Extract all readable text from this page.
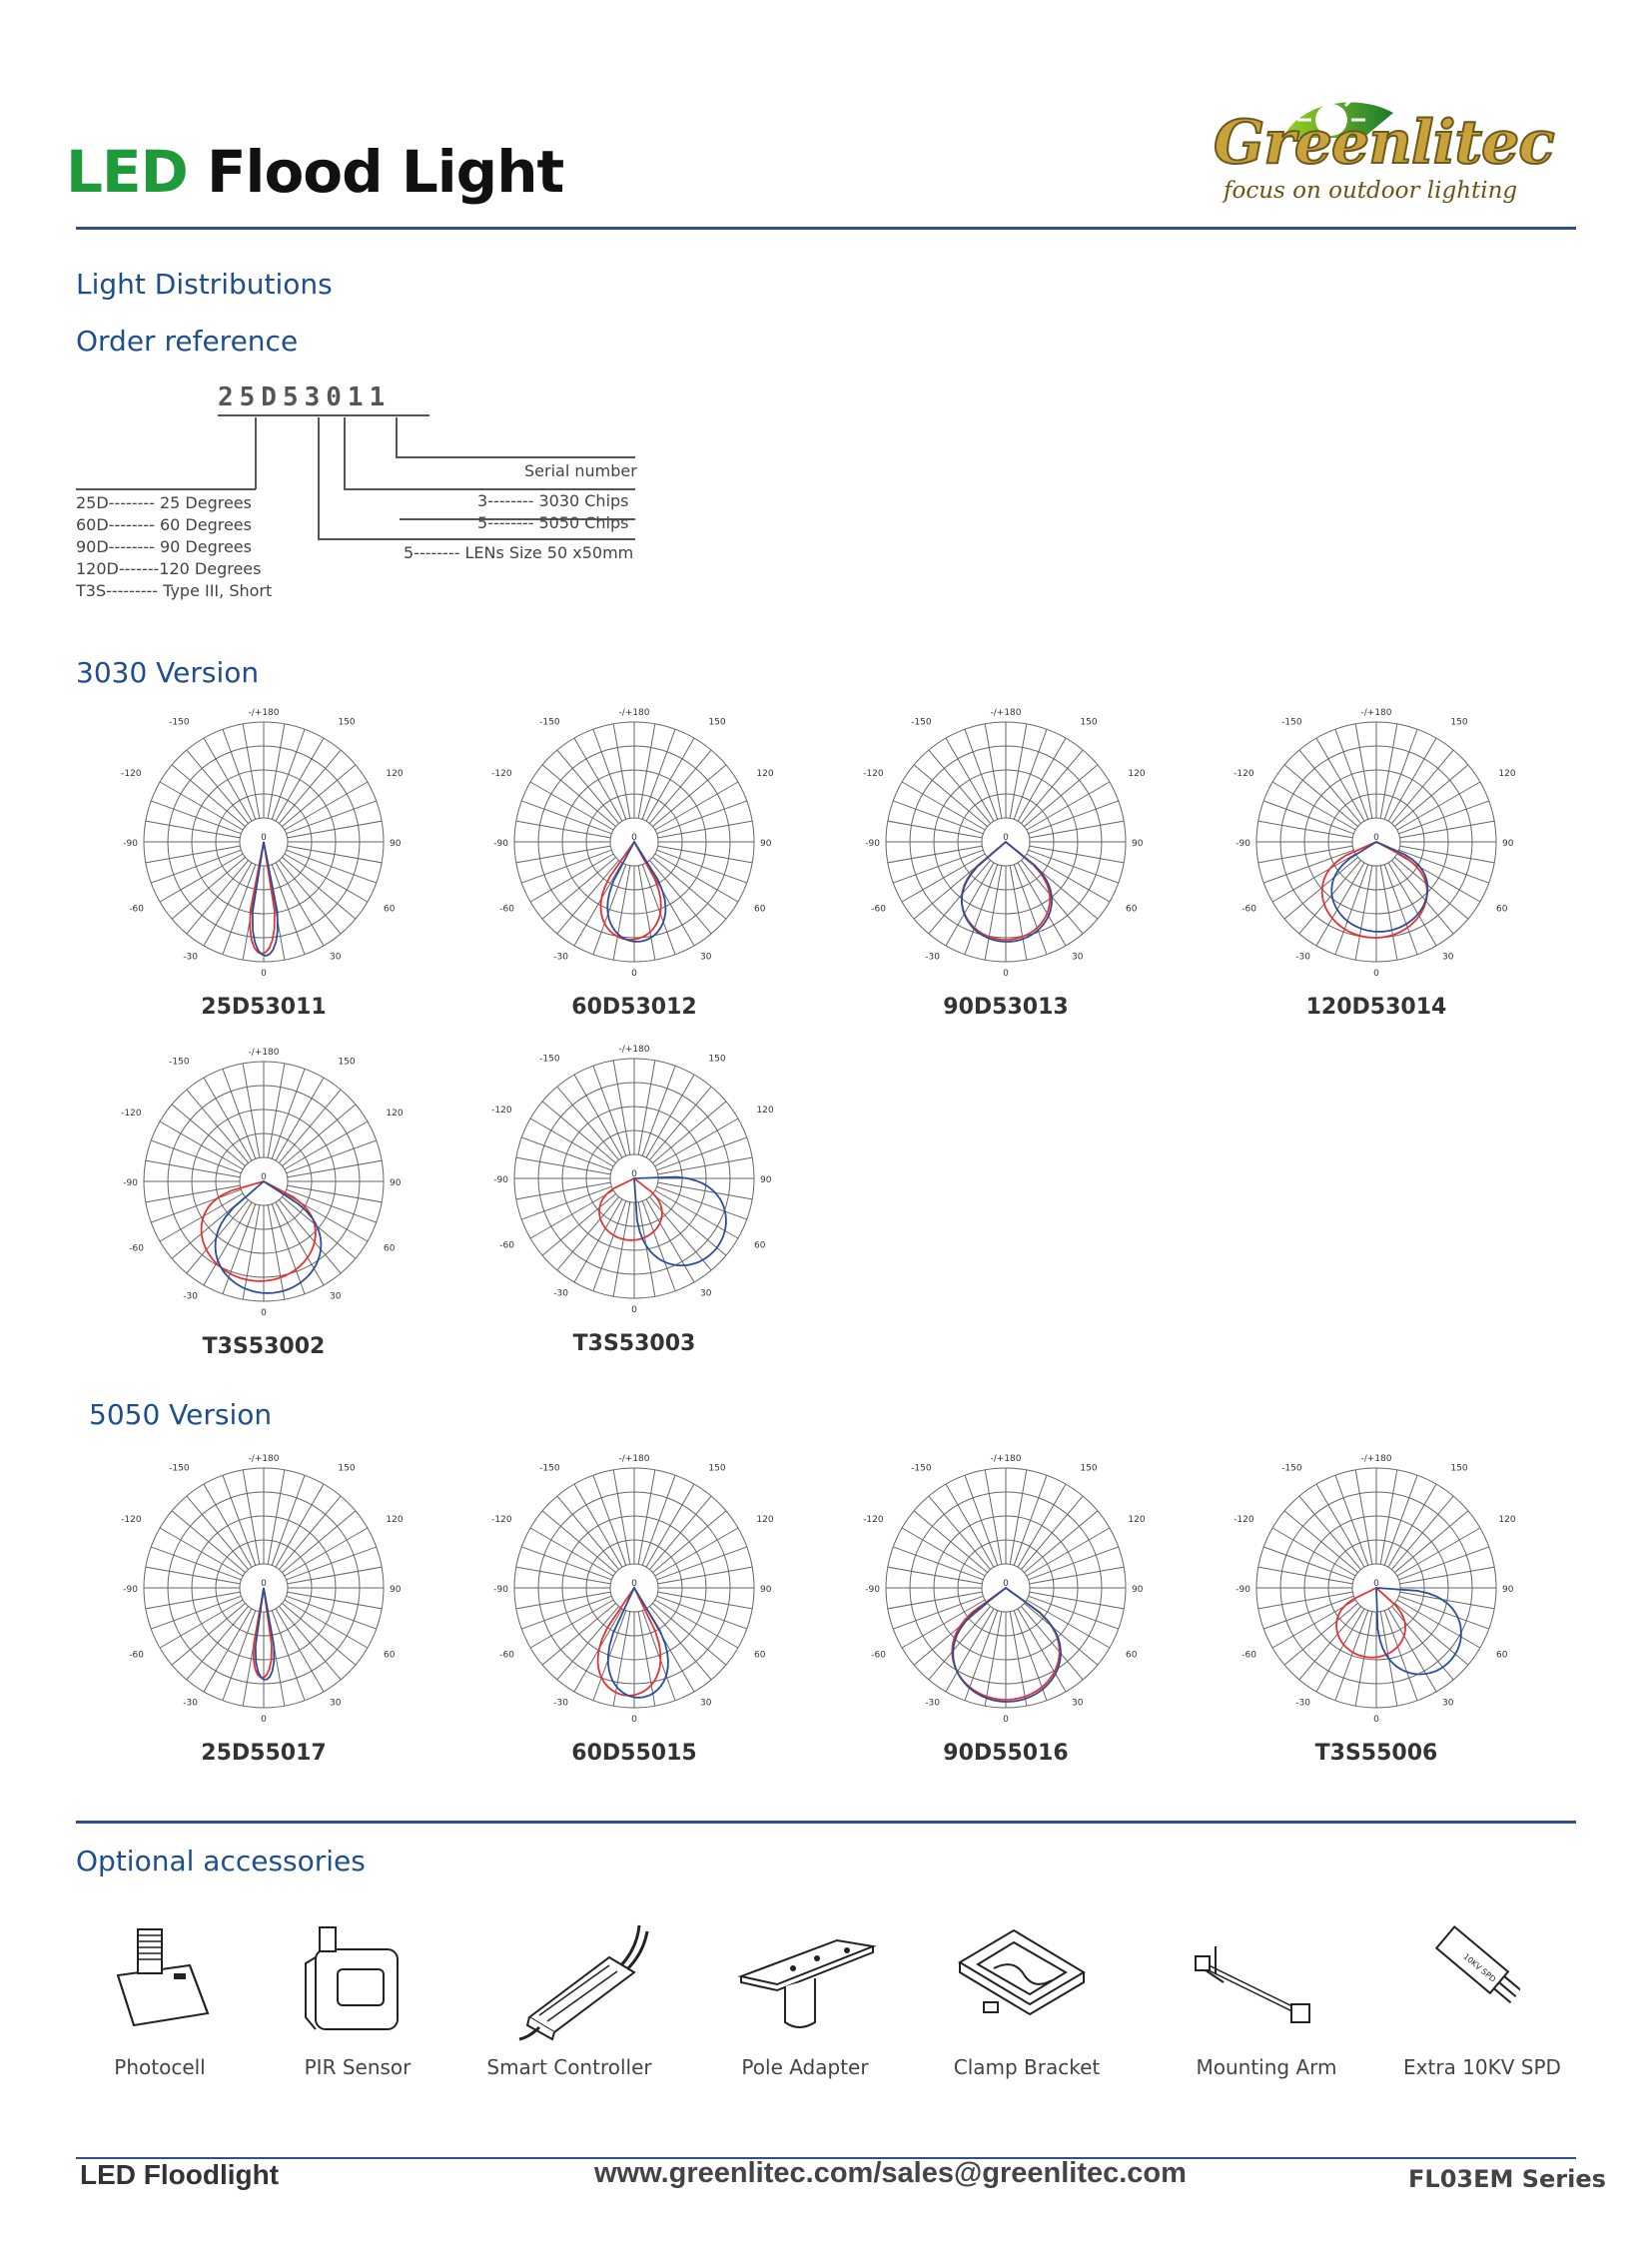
LED Flood Light	Greenlitec
focus on outdoor lighting
Light Distributions
Order reference
25D53011
Serial number
3-------- 3030 Chips
5-------- 5050 Chips
5-------- LENs Size 50 x50mm
25D-------- 25 Degrees
60D-------- 60 Degrees
90D-------- 90 Degrees
120D-------120 Degrees
T3S--------- Type III, Short
3030 Version
-/+180
-150	150
-120	120
-90	90
-60	60
-30	30
0
0
25D53011
-/+180
-150	150
-120	120
-90	90
-60	60
-30	30
0
0
60D53012
-/+180
-150	150
-120	120
-90	90
-60	60
-30	30
0
0
90D53013
-/+180
-150	150
-120	120
-90	90
-60	60
-30	30
0
0
120D53014
-/+180
-150	150
-120	120
-90	90
-60	60
-30	30
0
0
T3S53002
-/+180
-150	150
-120	120
-90	90
-60	60
-30	30
0
0
T3S53003
-/+180
-150	150
-120	120
-90	90
-60	60
-30	30
0
0
25D55017
-/+180
-150	150
-120	120
-90	90
-60	60
-30	30
0
0
60D55015
-/+180
-150	150
-120	120
-90	90
-60	60
-30	30
0
0
90D55016
-/+180
-150	150
-120	120
-90	90
-60	60
-30	30
0
0
T3S55006
5050 Version
Optional accessories
10KV SPD
Photocell	PIR Sensor	Smart Controller	Pole Adapter	Clamp Bracket	Mounting Arm	Extra 10KV SPD
LED Floodlight	www.greenlitec.com/sales@greenlitec.com	FL03EM Series
